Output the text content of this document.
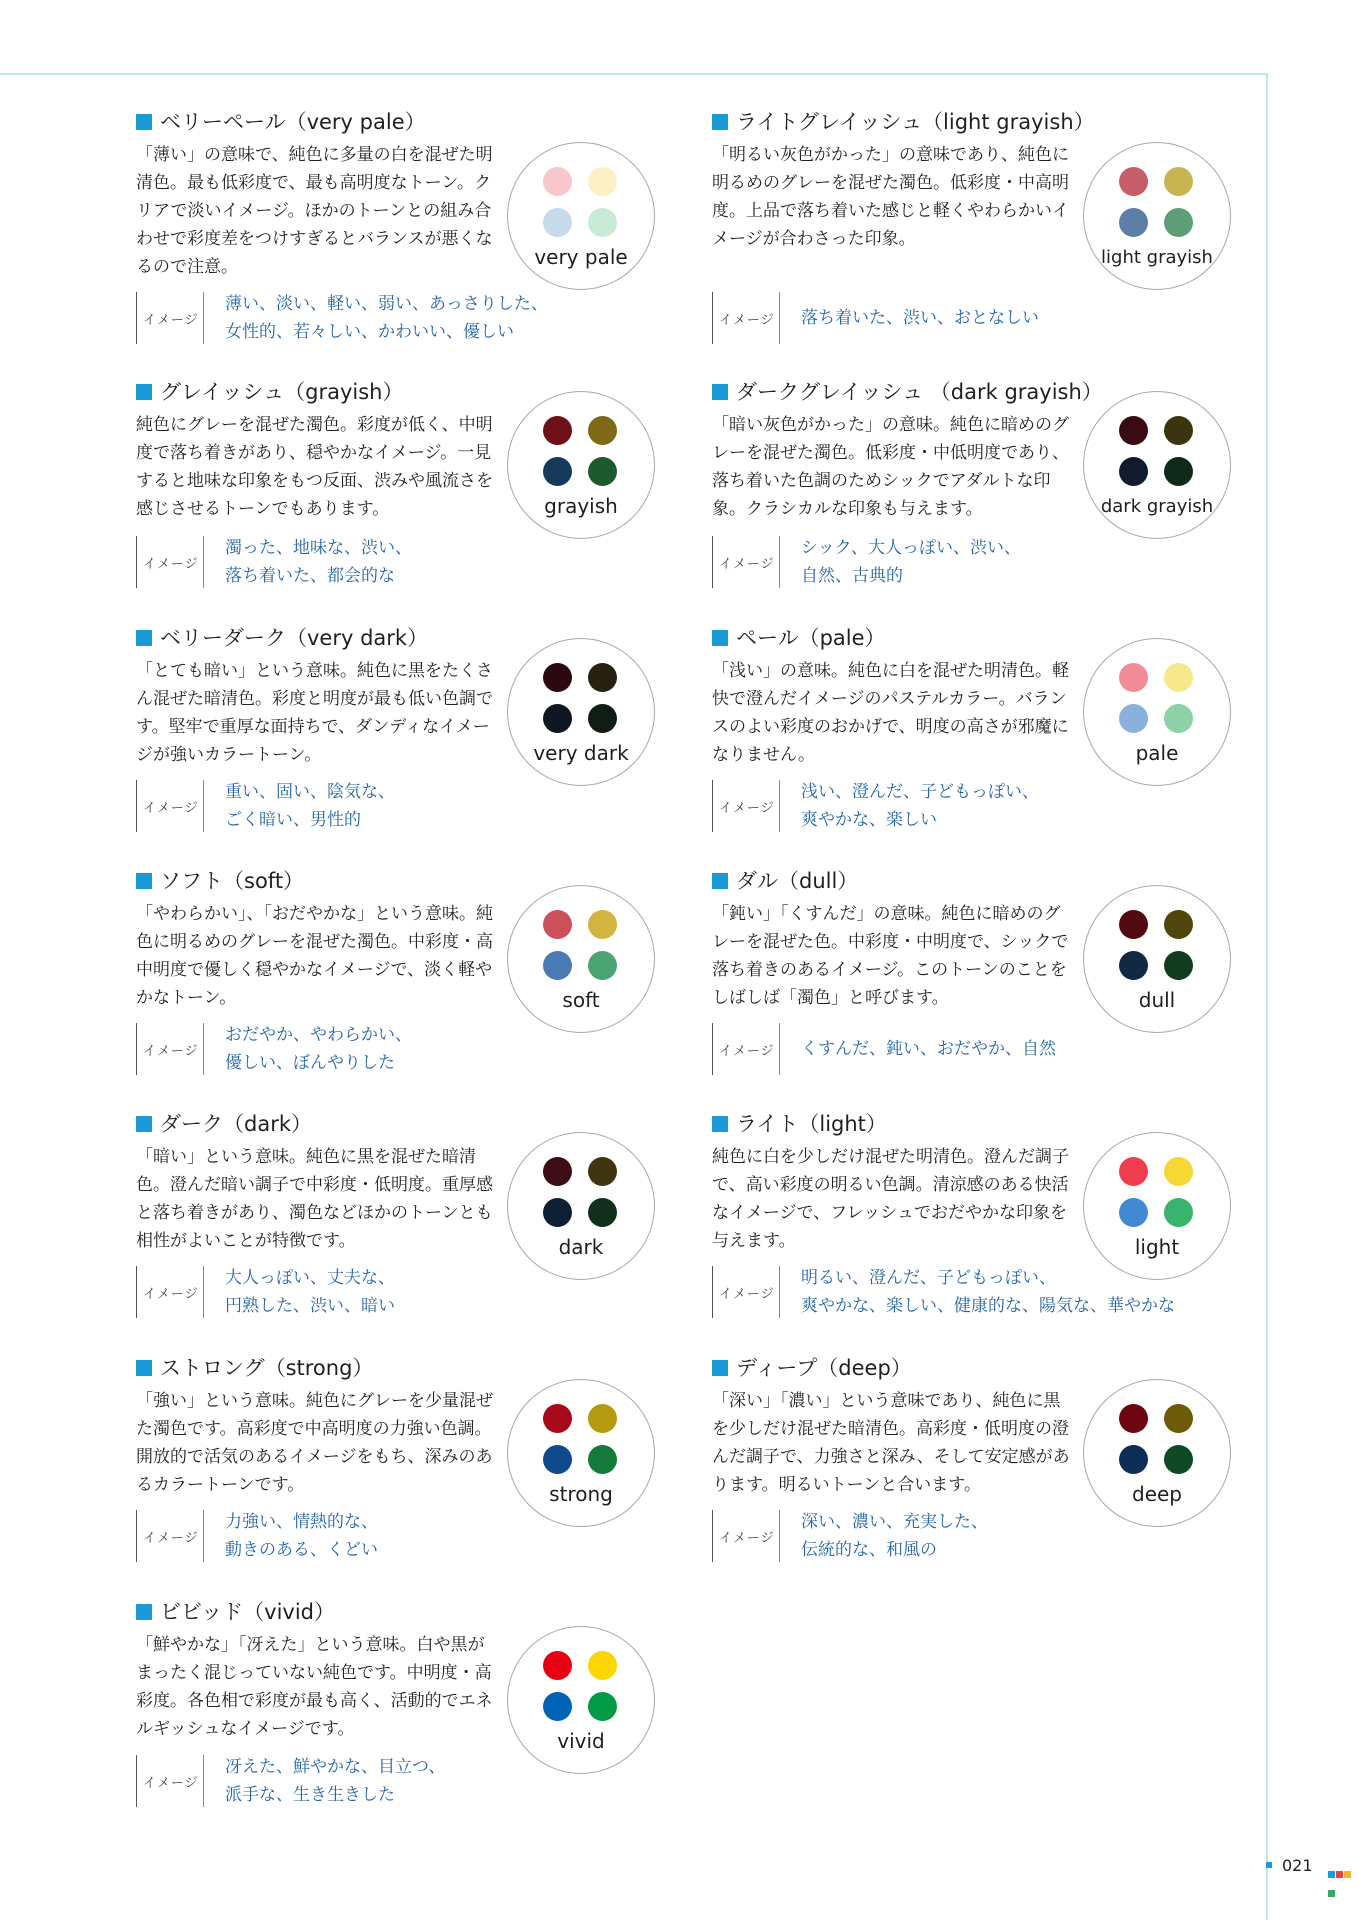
ベリーペール（very pale）

「薄い」の意味で、純色に多量の白を混ぜた明清色。最も低彩度で、最も高明度なトーン。クリアで淡いイメージ。ほかのトーンとの組み合わせで彩度差をつけすぎるとバランスが悪くなるので注意。

イメージ
薄い、淡い、軽い、弱い、あっさりした、
女性的、若々しい、かわいい、優しい
very pale
ライトグレイッシュ（light grayish）

「明るい灰色がかった」の意味であり、純色に明るめのグレーを混ぜた濁色。低彩度・中高明度。上品で落ち着いた感じと軽くやわらかいイメージが合わさった印象。

イメージ 落ち着いた、渋い、おとなしい
light grayish
グレイッシュ（grayish）

純色にグレーを混ぜた濁色。彩度が低く、中明度で落ち着きがあり、穏やかなイメージ。一見すると地味な印象をもつ反面、渋みや風流さを感じさせるトーンでもあります。

イメージ
濁った、地味な、渋い、
落ち着いた、都会的な
grayish
ダークグレイッシュ （dark grayish）

「暗い灰色がかった」の意味。純色に暗めのグレーを混ぜた濁色。低彩度・中低明度であり、落ち着いた色調のためシックでアダルトな印象。クラシカルな印象も与えます。

イメージ
シック、大人っぽい、渋い、
自然、古典的
dark grayish
ベリーダーク（very dark）

「とても暗い」という意味。純色に黒をたくさん混ぜた暗清色。彩度と明度が最も低い色調です。堅牢で重厚な面持ちで、ダンディなイメージが強いカラートーン。

イメージ
重い、固い、陰気な、
ごく暗い、男性的
very dark
ペール（pale）

「浅い」の意味。純色に白を混ぜた明清色。軽快で澄んだイメージのパステルカラー。バランスのよい彩度のおかげで、明度の高さが邪魔になりません。

イメージ
浅い、澄んだ、子どもっぽい、
爽やかな、楽しい
pale
ソフト（soft）

「やわらかい」、「おだやかな」という意味。純色に明るめのグレーを混ぜた濁色。中彩度・高中明度で優しく穏やかなイメージで、淡く軽やかなトーン。

イメージ
おだやか、やわらかい、
優しい、ぼんやりした
soft
ダル（dull）

「鈍い」「くすんだ」の意味。純色に暗めのグレーを混ぜた色。中彩度・中明度で、シックで落ち着きのあるイメージ。このトーンのことをしばしば「濁色」と呼びます。

イメージ くすんだ、鈍い、おだやか、自然
dull
ダーク（dark）

「暗い」という意味。純色に黒を混ぜた暗清色。澄んだ暗い調子で中彩度・低明度。重厚感と落ち着きがあり、濁色などほかのトーンとも相性がよいことが特徴です。

イメージ
大人っぽい、丈夫な、
円熟した、渋い、暗い
dark
ライト（light）

純色に白を少しだけ混ぜた明清色。澄んだ調子で、高い彩度の明るい色調。清涼感のある快活なイメージで、フレッシュでおだやかな印象を与えます。

イメージ
明るい、澄んだ、子どもっぽい、
爽やかな、楽しい、健康的な、陽気な、華やかな
light
ストロング（strong）

「強い」という意味。純色にグレーを少量混ぜた濁色です。高彩度で中高明度の力強い色調。開放的で活気のあるイメージをもち、深みのあるカラートーンです。

イメージ
力強い、情熱的な、
動きのある、くどい
strong
ディープ（deep）

「深い」「濃い」という意味であり、純色に黒を少しだけ混ぜた暗清色。高彩度・低明度の澄んだ調子で、力強さと深み、そして安定感があります。明るいトーンと合います。

イメージ
深い、濃い、充実した、
伝統的な、和風の
deep
ビビッド（vivid）

「鮮やかな」「冴えた」という意味。白や黒がまったく混じっていない純色です。中明度・高彩度。各色相で彩度が最も高く、活動的でエネルギッシュなイメージです。

イメージ
冴えた、鮮やかな、目立つ、
派手な、生き生きした
vivid
021
